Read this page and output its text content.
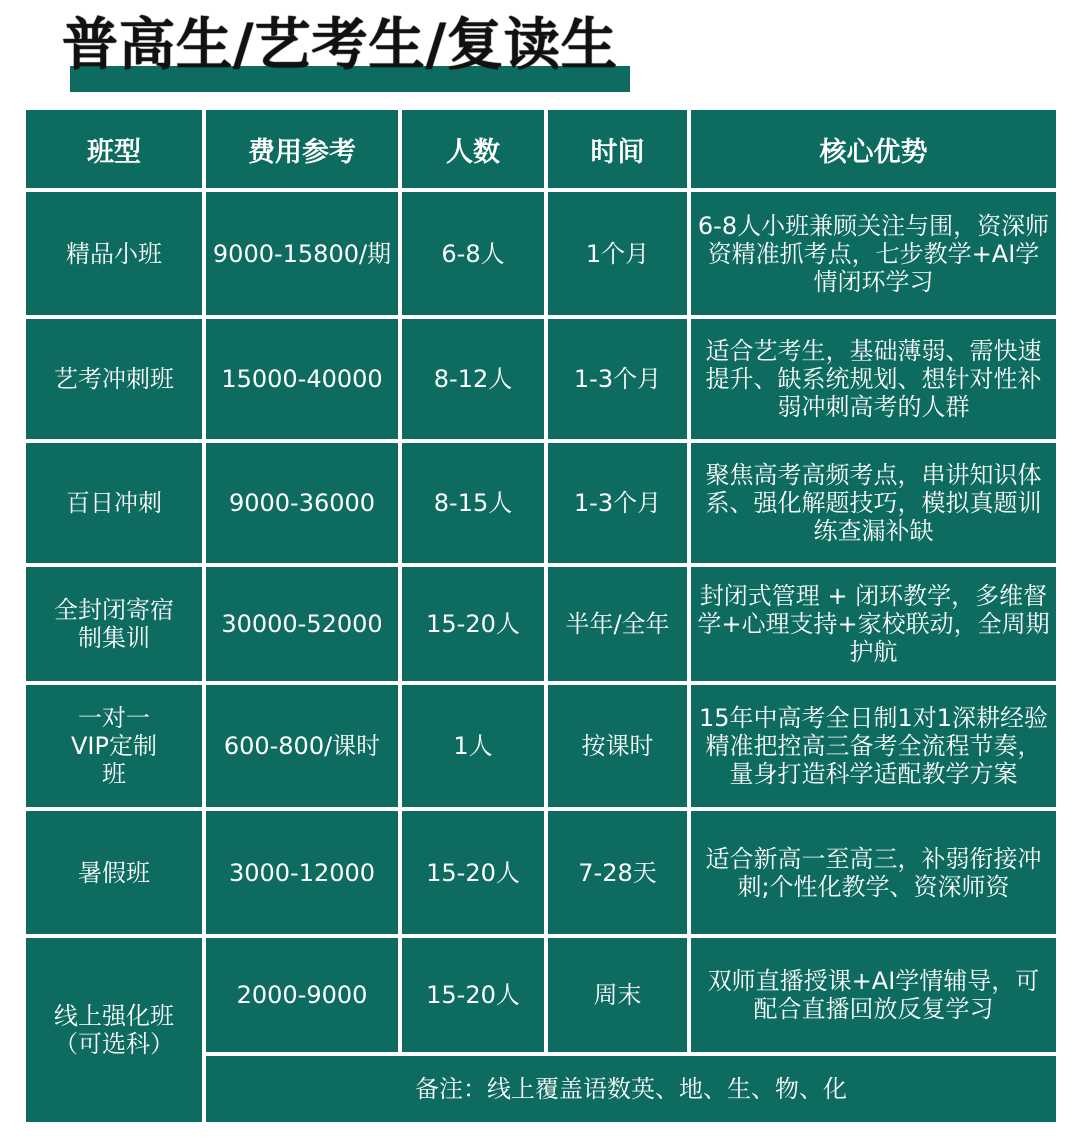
普高生/艺考生/复读生
班型	费用参考	人数	时间	核心优势
精品小班	9000-15800/期	6-8人	1个月	6-8人小班兼顾关注与围，资深师资精准抓考点，七步教学+AI学情闭环学习
艺考冲刺班	15000-40000	8-12人	1-3个月	适合艺考生，基础薄弱、需快速提升、缺系统规划、想针对性补弱冲刺高考的人群
百日冲刺	9000-36000	8-15人	1-3个月	聚焦高考高频考点，串讲知识体系、强化解题技巧，模拟真题训练查漏补缺
全封闭寄宿制集训	30000-52000	15-20人	半年/全年	封闭式管理 + 闭环教学，多维督学+心理支持+家校联动，全周期护航
一对一VIP定制班	600-800/课时	1人	按课时	15年中高考全日制1对1深耕经验精准把控高三备考全流程节奏，量身打造科学适配教学方案
暑假班	3000-12000	15-20人	7-28天	适合新高一至高三，补弱衔接冲刺;个性化教学、资深师资
线上强化班（可选科）	2000-9000	15-20人	周末	双师直播授课+AI学情辅导，可配合直播回放反复学习
	备注：线上覆盖语数英、地、生、物、化			
